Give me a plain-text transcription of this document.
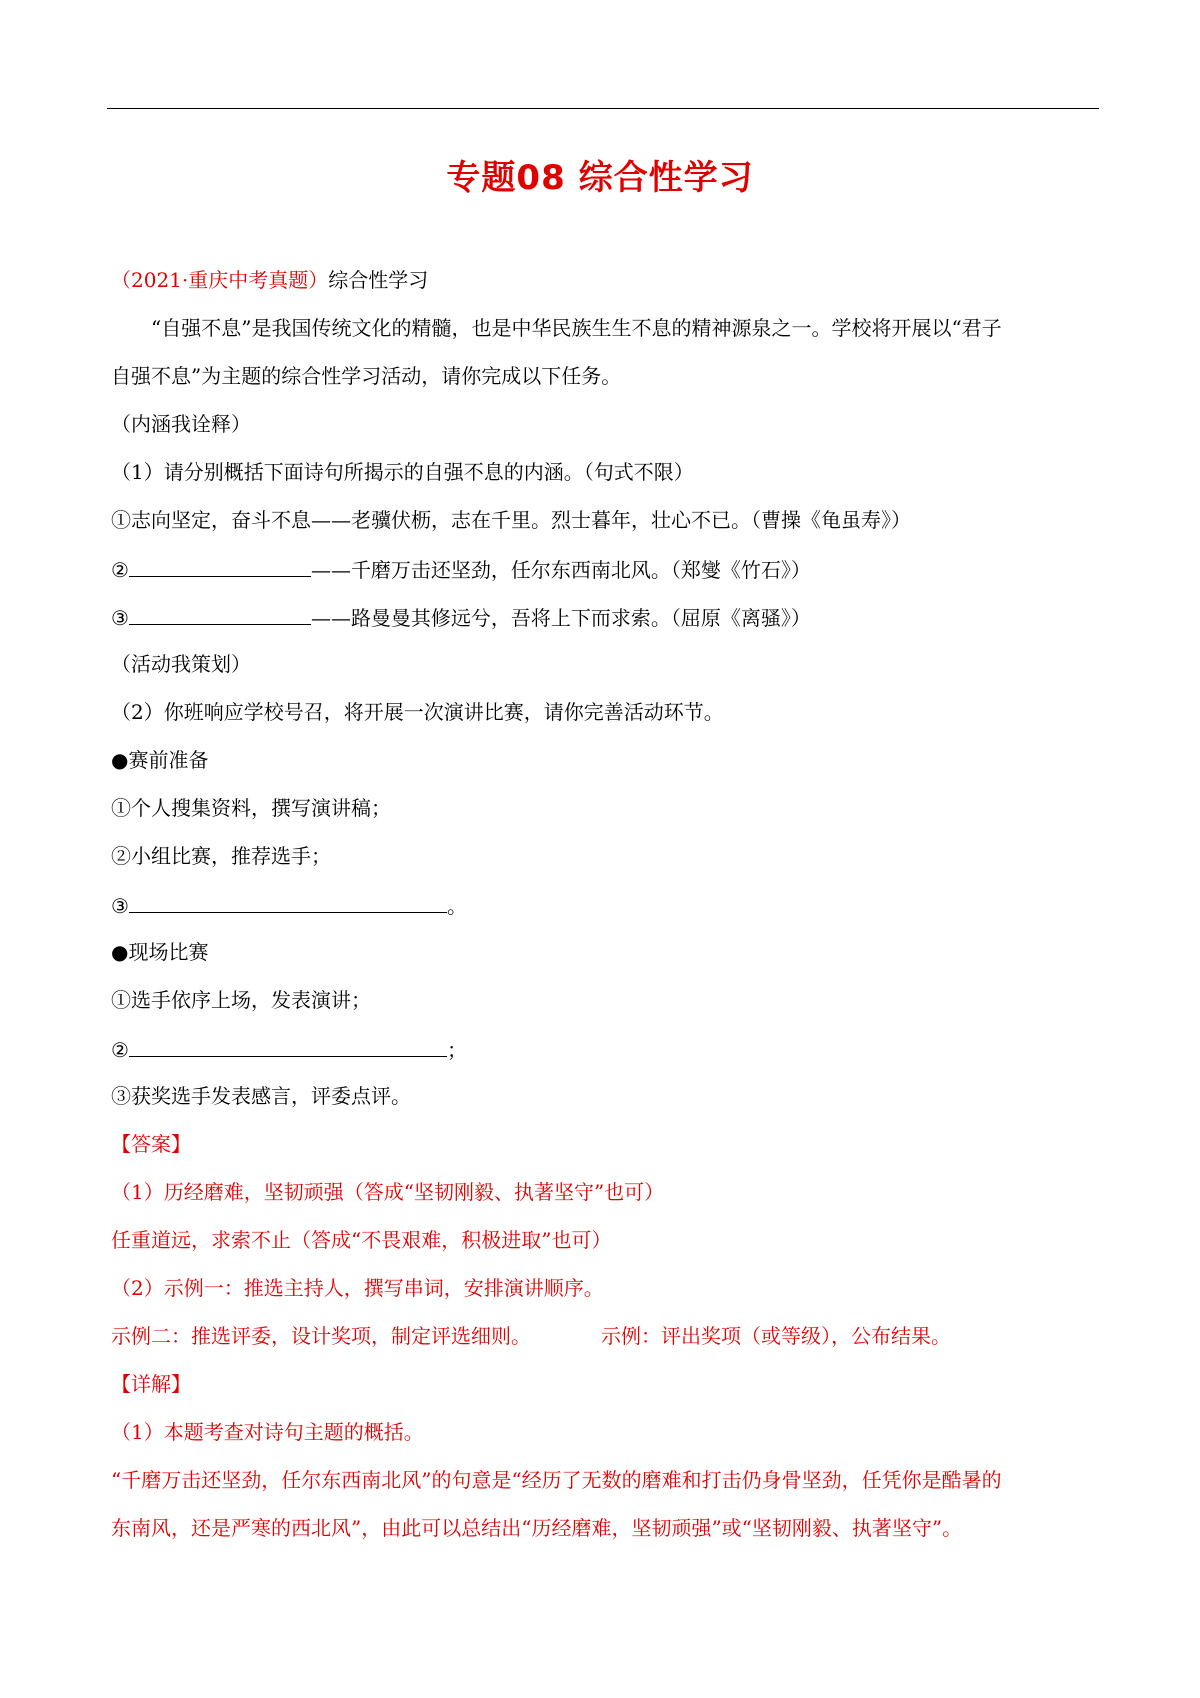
专题08 综合性学习
（2021·重庆中考真题）综合性学习
“自强不息”是我国传统文化的精髓，也是中华民族生生不息的精神源泉之一。学校将开展以“君子
自强不息”为主题的综合性学习活动，请你完成以下任务。
（内涵我诠释）
（1）请分别概括下面诗句所揭示的自强不息的内涵。（句式不限）
①志向坚定，奋斗不息——老骥伏枥，志在千里。烈士暮年，壮心不已。（曹操《龟虽寿》）
②	——千磨万击还坚劲，任尔东西南北风。（郑燮《竹石》）
③	——路曼曼其修远兮，吾将上下而求索。（屈原《离骚》）
（活动我策划）
（2）你班响应学校号召，将开展一次演讲比赛，请你完善活动环节。
●赛前准备
①个人搜集资料，撰写演讲稿；
②小组比赛，推荐选手；
③	。
●现场比赛
①选手依序上场，发表演讲；
②	；
③获奖选手发表感言，评委点评。
【答案】
（1）历经磨难，坚韧顽强（答成“坚韧刚毅、执著坚守”也可）
任重道远，求索不止（答成“不畏艰难，积极进取”也可）
（2）示例一：推选主持人，撰写串词，安排演讲顺序。
示例二：推选评委，设计奖项，制定评选细则。	示例：评出奖项（或等级），公布结果。
【详解】
（1）本题考查对诗句主题的概括。
“千磨万击还坚劲，任尔东西南北风”的句意是“经历了无数的磨难和打击仍身骨坚劲，任凭你是酷暑的
东南风，还是严寒的西北风”，由此可以总结出“历经磨难，坚韧顽强”或“坚韧刚毅、执著坚守”。
